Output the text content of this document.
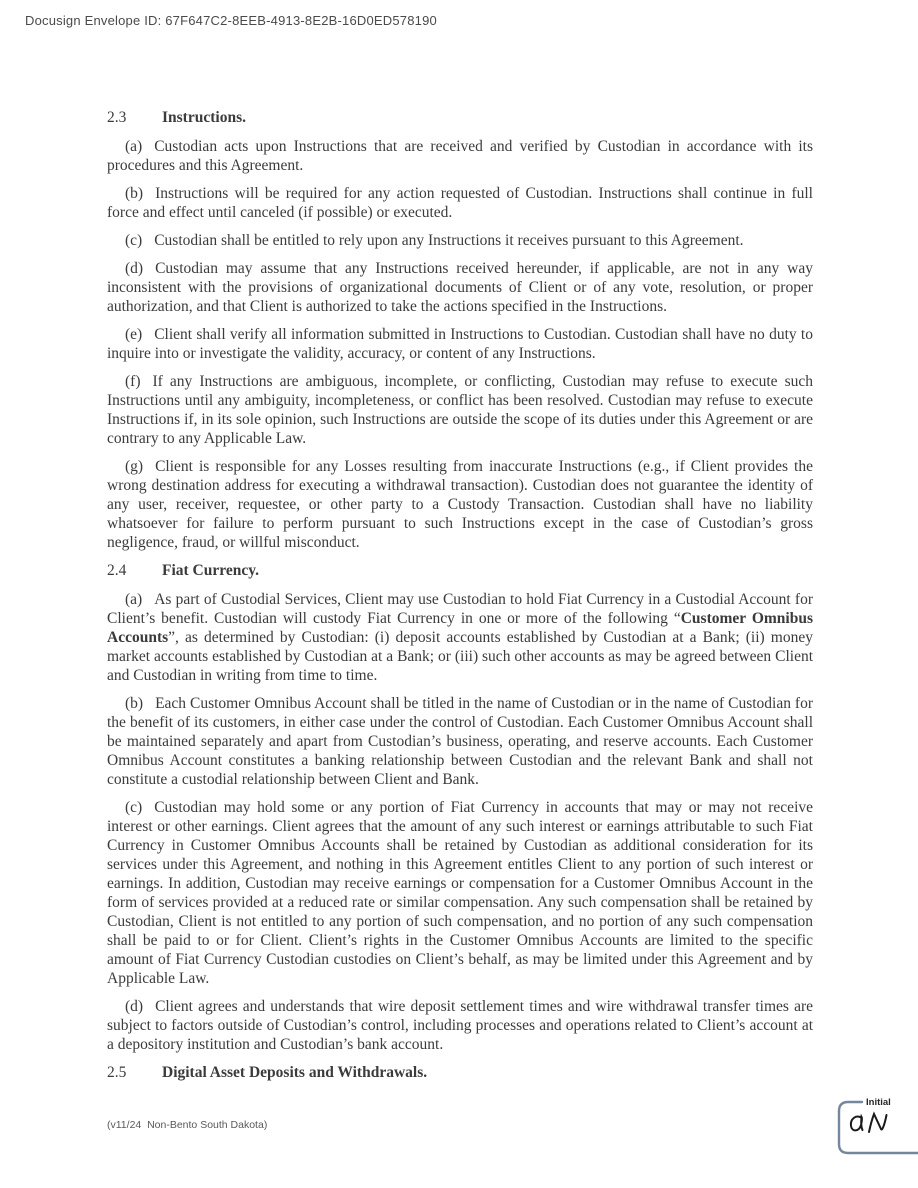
Docusign Envelope ID: 67F647C2-8EEB-4913-8E2B-16D0ED578190
2.3 Instructions.

(a) Custodian acts upon Instructions that are received and verified by Custodian in accordance with its procedures and this Agreement.

(b) Instructions will be required for any action requested of Custodian. Instructions shall continue in full force and effect until canceled (if possible) or executed.

(c) Custodian shall be entitled to rely upon any Instructions it receives pursuant to this Agreement.

(d) Custodian may assume that any Instructions received hereunder, if applicable, are not in any way inconsistent with the provisions of organizational documents of Client or of any vote, resolution, or proper authorization, and that Client is authorized to take the actions specified in the Instructions.

(e) Client shall verify all information submitted in Instructions to Custodian. Custodian shall have no duty to inquire into or investigate the validity, accuracy, or content of any Instructions.

(f) If any Instructions are ambiguous, incomplete, or conflicting, Custodian may refuse to execute such Instructions until any ambiguity, incompleteness, or conflict has been resolved. Custodian may refuse to execute Instructions if, in its sole opinion, such Instructions are outside the scope of its duties under this Agreement or are contrary to any Applicable Law.

(g) Client is responsible for any Losses resulting from inaccurate Instructions (e.g., if Client provides the wrong destination address for executing a withdrawal transaction). Custodian does not guarantee the identity of any user, receiver, requestee, or other party to a Custody Transaction. Custodian shall have no liability whatsoever for failure to perform pursuant to such Instructions except in the case of Custodian’s gross negligence, fraud, or willful misconduct.

2.4 Fiat Currency.

(a) As part of Custodial Services, Client may use Custodian to hold Fiat Currency in a Custodial Account for Client’s benefit. Custodian will custody Fiat Currency in one or more of the following “Customer Omnibus Accounts”, as determined by Custodian: (i) deposit accounts established by Custodian at a Bank; (ii) money market accounts established by Custodian at a Bank; or (iii) such other accounts as may be agreed between Client and Custodian in writing from time to time.

(b) Each Customer Omnibus Account shall be titled in the name of Custodian or in the name of Custodian for the benefit of its customers, in either case under the control of Custodian. Each Customer Omnibus Account shall be maintained separately and apart from Custodian’s business, operating, and reserve accounts. Each Customer Omnibus Account constitutes a banking relationship between Custodian and the relevant Bank and shall not constitute a custodial relationship between Client and Bank.

(c) Custodian may hold some or any portion of Fiat Currency in accounts that may or may not receive interest or other earnings. Client agrees that the amount of any such interest or earnings attributable to such Fiat Currency in Customer Omnibus Accounts shall be retained by Custodian as additional consideration for its services under this Agreement, and nothing in this Agreement entitles Client to any portion of such interest or earnings. In addition, Custodian may receive earnings or compensation for a Customer Omnibus Account in the form of services provided at a reduced rate or similar compensation. Any such compensation shall be retained by Custodian, Client is not entitled to any portion of such compensation, and no portion of any such compensation shall be paid to or for Client. Client’s rights in the Customer Omnibus Accounts are limited to the specific amount of Fiat Currency Custodian custodies on Client’s behalf, as may be limited under this Agreement and by Applicable Law.

(d) Client agrees and understands that wire deposit settlement times and wire withdrawal transfer times are subject to factors outside of Custodian’s control, including processes and operations related to Client’s account at a depository institution and Custodian’s bank account.

2.5 Digital Asset Deposits and Withdrawals.
(v11/24  Non-Bento South Dakota)
Initial
